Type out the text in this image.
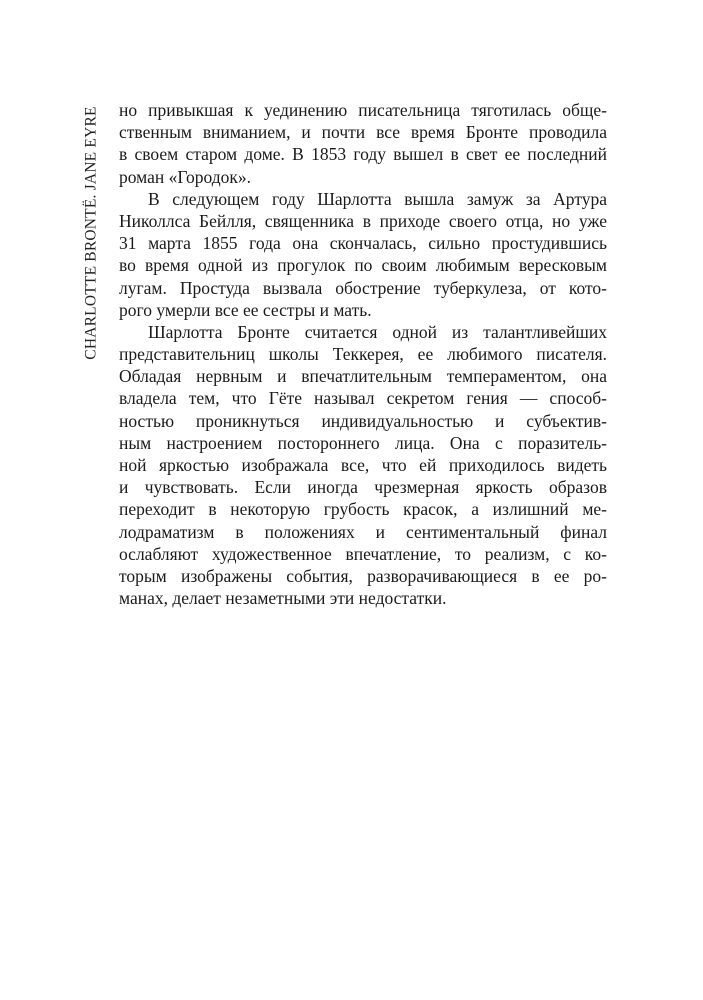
CHARLOTTE BRONTË. JANE EYRE но привыкшая к уединению писательница тяготилась обще-
ственным вниманием, и почти все время Бронте проводила
в своем старом доме. В 1853 году вышел в свет ее последний
роман «Городок».
В следующем году Шарлотта вышла замуж за Артура
Николлса Бейлля, священника в приходе своего отца, но уже
31 марта 1855 года она скончалась, сильно простудившись
во время одной из прогулок по своим любимым вересковым
лугам. Простуда вызвала обострение туберкулеза, от кото-
рого умерли все ее сестры и мать.
Шарлотта Бронте считается одной из талантливейших
представительниц школы Теккерея, ее любимого писателя.
Обладая нервным и впечатлительным темпераментом, она
владела тем, что Гёте называл секретом гения — способ-
ностью проникнуться индивидуальностью и субъектив-
ным настроением постороннего лица. Она с поразитель-
ной яркостью изображала все, что ей приходилось видеть
и чувствовать. Если иногда чрезмерная яркость образов
переходит в некоторую грубость красок, а излишний ме-
лодраматизм в положениях и сентиментальный финал
ослабляют художественное впечатление, то реализм, с ко-
торым изображены события, разворачивающиеся в ее ро-
манах, делает незаметными эти недостатки.
